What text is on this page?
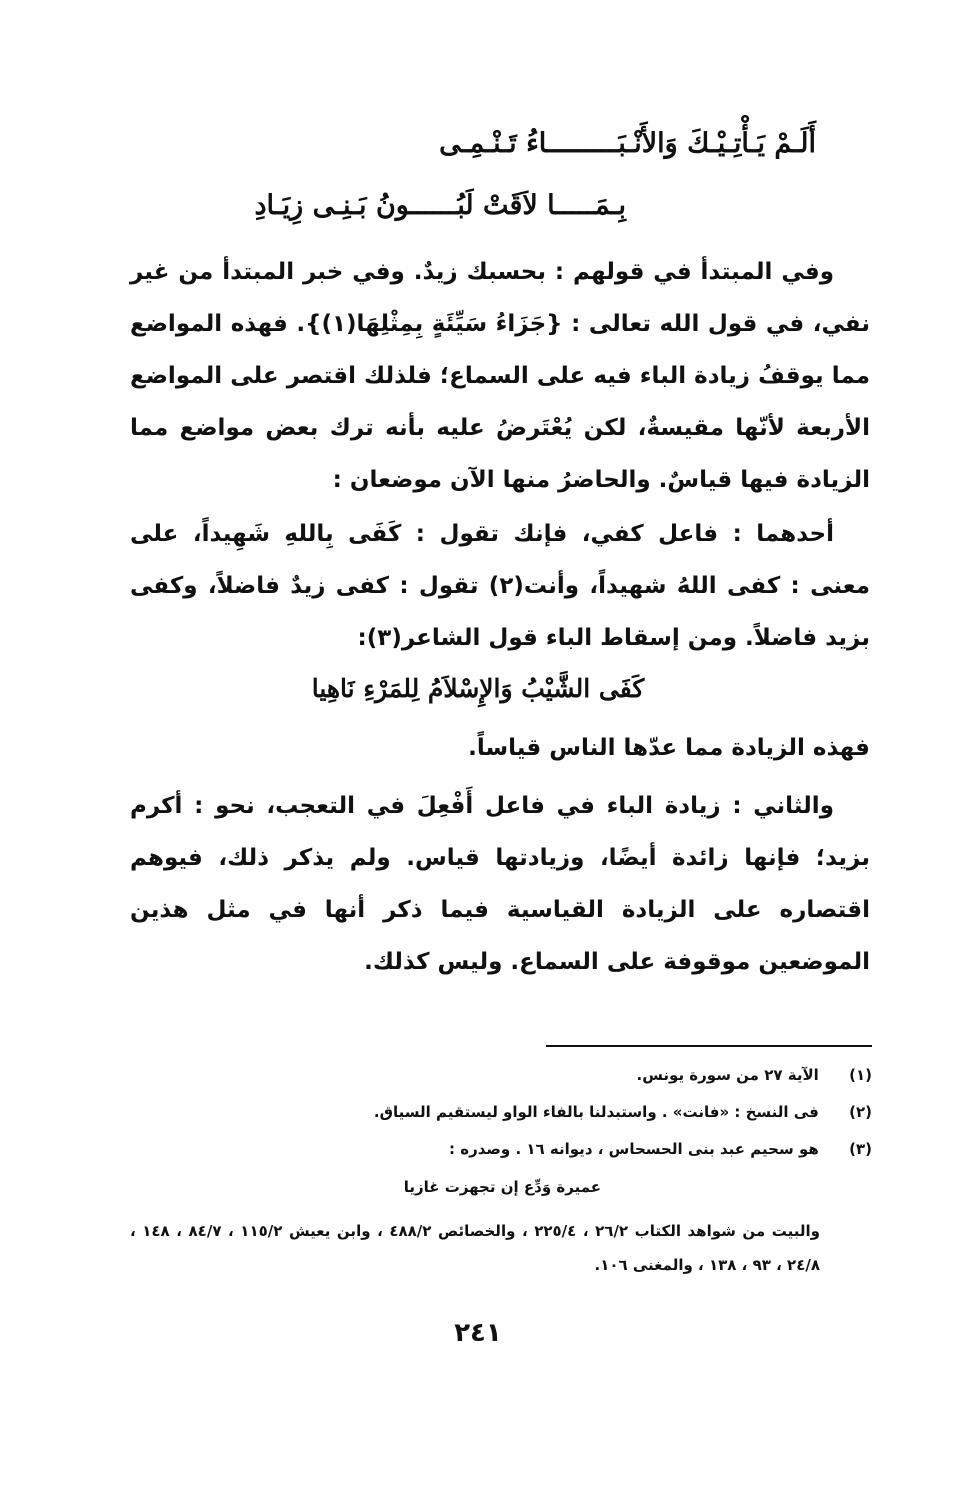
أَلَـمْ يَـأْتِـيْـكَ وَالأَنْـبَـــــــــاءُ تَـنْـمِـى
بِـمَـــــا لاَقَتْ لَبُــــــونُ بَـنِـى زِيَـادِ
وفي المبتدأ في قولهم : بحسبك زيدٌ. وفي خبر المبتدأ من غير نفي، في قول الله تعالى : {جَزَاءُ سَيِّئَةٍ بِمِثْلِهَا(١)}. فهذه المواضع مما يوقفُ زيادة الباء فيه على السماع؛ فلذلك اقتصر على المواضع الأربعة لأنّها مقيسةٌ، لكن يُعْتَرضُ عليه بأنه ترك بعض مواضع مما الزيادة فيها قياسٌ. والحاضرُ منها الآن موضعان :
أحدهما : فاعل كفي، فإنك تقول : كَفَى بِاللهِ شَهِيداً، على معنى : كفى اللهُ شهيداً، وأنت(٢) تقول : كفى زيدٌ فاضلاً، وكفى بزيد فاضلاً. ومن إسقاط الباء قول الشاعر(٣):
كَفَى الشَّيْبُ وَالإِسْلاَمُ لِلمَرْءِ نَاهِيا
فهذه الزيادة مما عدّها الناس قياساً.
والثاني : زيادة الباء في فاعل أَفْعِلَ في التعجب، نحو : أكرم بزيد؛ فإنها زائدة أيضًا، وزيادتها قياس. ولم يذكر ذلك، فيوهم اقتصاره على الزيادة القياسية فيما ذكر أنها في مثل هذين الموضعين موقوفة على السماع. وليس كذلك.
(١) الآية ٢٧ من سورة يونس.
(٢) فى النسخ : «فانت» . واستبدلنا بالفاء الواو ليستقيم السياق.
(٣) هو سحيم عبد بنى الحسحاس ، ديوانه ١٦ . وصدره :
عميرة وَدِّع إن تجهزت غازيا
والبيت من شواهد الكتاب ٢٦/٢ ، ٢٢٥/٤ ، والخصائص ٤٨٨/٢ ، وابن يعيش ١١٥/٢ ، ٨٤/٧ ، ١٤٨ ، ٢٤/٨ ، ٩٣ ، ١٣٨ ، والمغنى ١٠٦.
٢٤١
